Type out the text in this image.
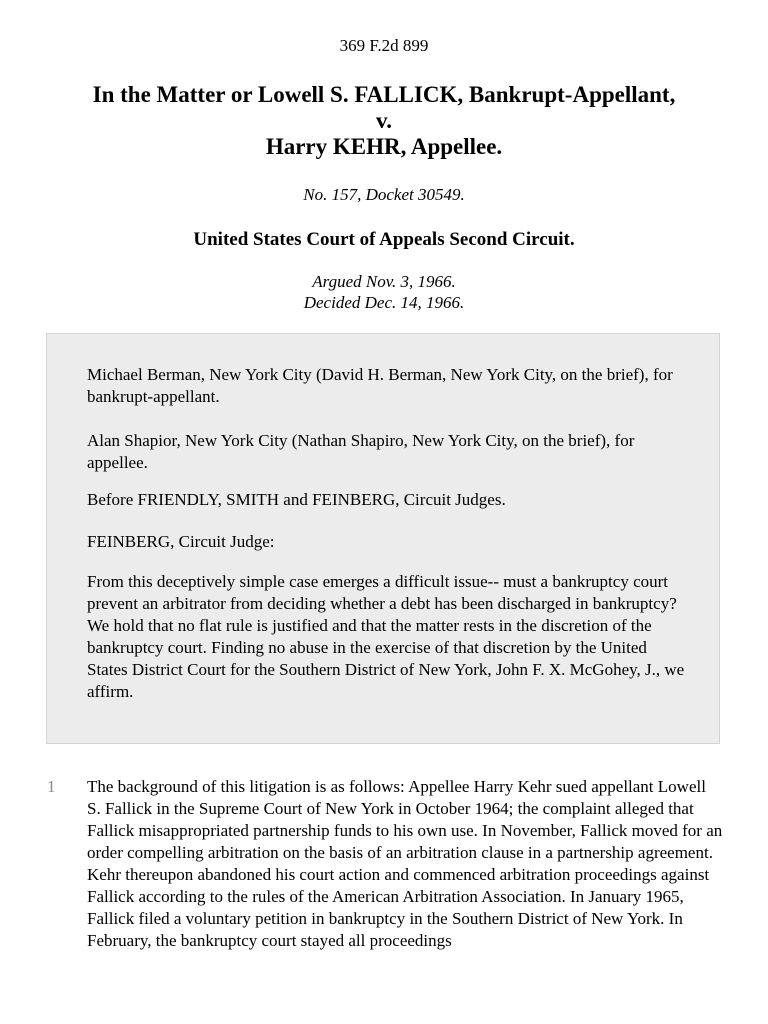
369 F.2d 899
In the Matter or Lowell S. FALLICK, Bankrupt-Appellant,
v.
Harry KEHR, Appellee.
No. 157, Docket 30549.
United States Court of Appeals Second Circuit.
Argued Nov. 3, 1966.
Decided Dec. 14, 1966.

Michael Berman, New York City (David H. Berman, New York City, on the brief), for bankrupt-appellant.

Alan Shapior, New York City (Nathan Shapiro, New York City, on the brief), for appellee.

Before FRIENDLY, SMITH and FEINBERG, Circuit Judges.

FEINBERG, Circuit Judge:

From this deceptively simple case emerges a difficult issue-- must a bankruptcy court prevent an arbitrator from deciding whether a debt has been discharged in bankruptcy? We hold that no flat rule is justified and that the matter rests in the discretion of the bankruptcy court. Finding no abuse in the exercise of that discretion by the United States District Court for the Southern District of New York, John F. X. McGohey, J., we affirm.

1 The background of this litigation is as follows: Appellee Harry Kehr sued appellant Lowell S. Fallick in the Supreme Court of New York in October 1964; the complaint alleged that Fallick misappropriated partnership funds to his own use. In November, Fallick moved for an order compelling arbitration on the basis of an arbitration clause in a partnership agreement. Kehr thereupon abandoned his court action and commenced arbitration proceedings against Fallick according to the rules of the American Arbitration Association. In January 1965, Fallick filed a voluntary petition in bankruptcy in the Southern District of New York. In February, the bankruptcy court stayed all proceedings
